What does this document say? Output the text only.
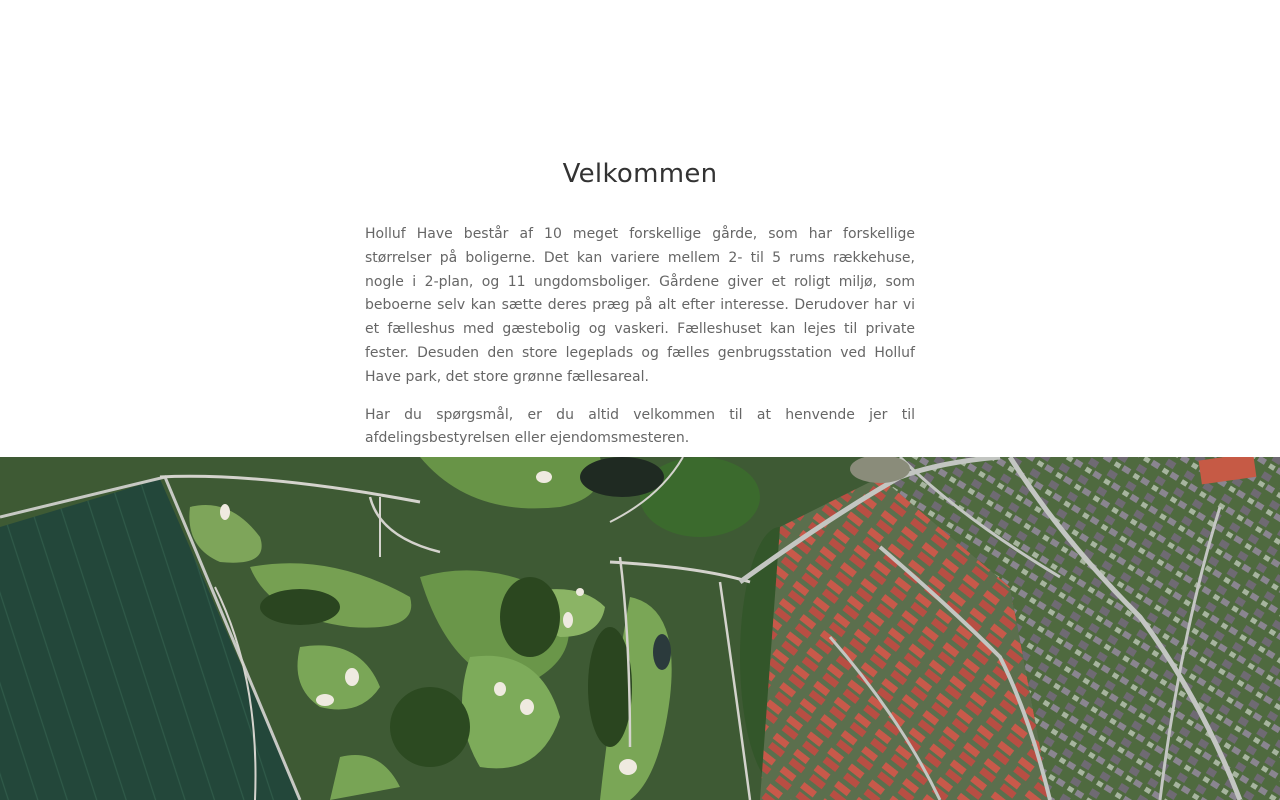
Velkommen

Holluf Have består af 10 meget forskellige gårde, som har forskellige størrelser på boligerne. Det kan variere mellem 2- til 5 rums rækkehuse, nogle i 2-plan, og 11 ungdomsboliger. Gårdene giver et roligt miljø, som beboerne selv kan sætte deres præg på alt efter interesse. Derudover har vi et fælleshus med gæstebolig og vaskeri. Fælleshuset kan lejes til private fester. Desuden den store legeplads og fælles genbrugsstation ved Holluf Have park, det store grønne fællesareal.

Har du spørgsmål, er du altid velkommen til at henvende jer til afdelingsbestyrelsen eller ejendomsmesteren.
